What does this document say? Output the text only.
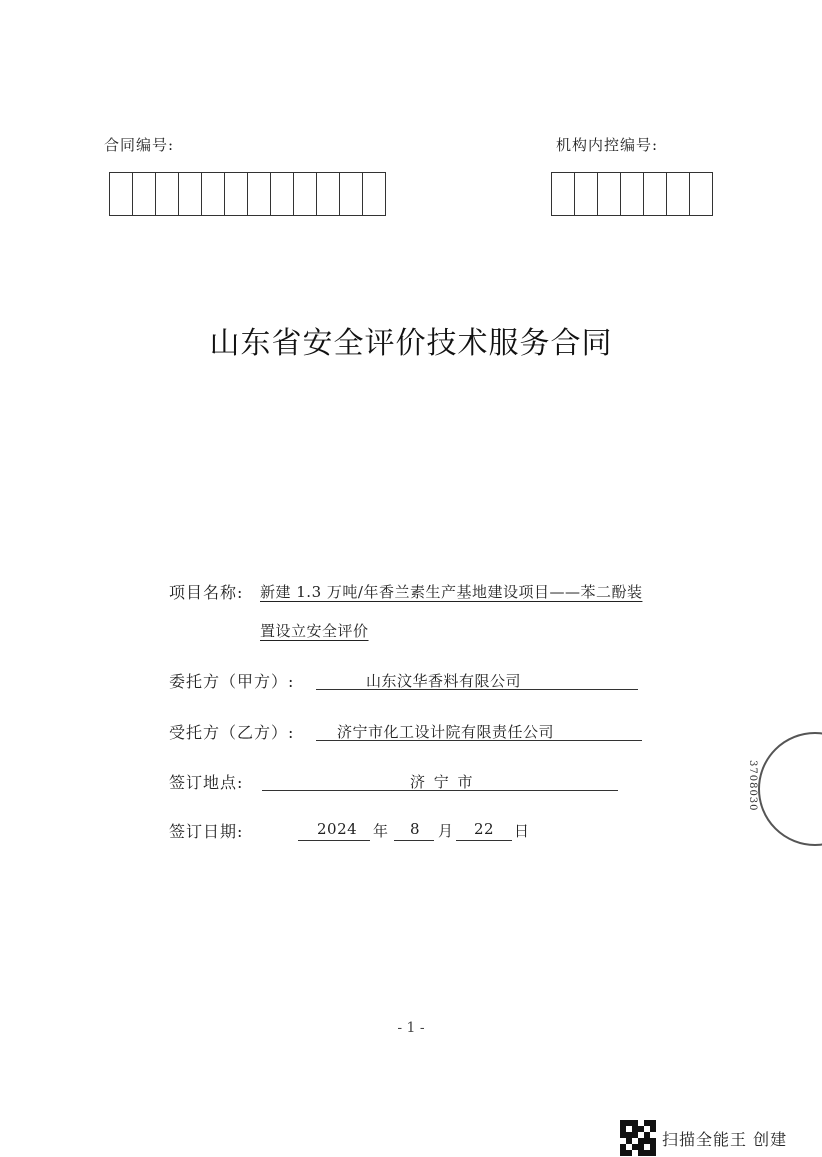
合同编号:	机构内控编号:
山东省安全评价技术服务合同
项目名称: 新建 1.3 万吨/年香兰素生产基地建设项目——苯二酚装
置设立安全评价
委托方（甲方）:	山东汶华香料有限公司
受托方（乙方）:	济宁市化工设计院有限责任公司
签订地点:	济 宁 市
签订日期:	2024 年 8 月 22 日
3708030
- 1 -
扫描全能王 创建
